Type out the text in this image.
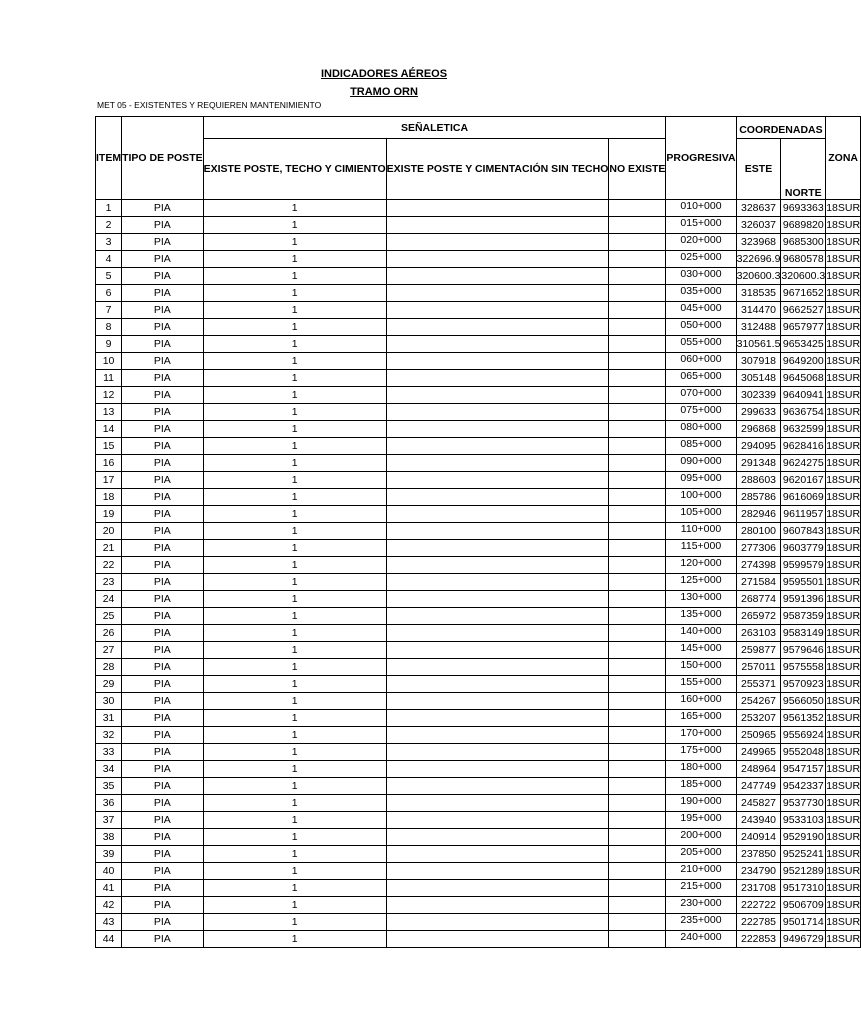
INDICADORES AÉREOS
TRAMO ORN
MET 05 - EXISTENTES Y REQUIEREN MANTENIMIENTO
ITEM	TIPO DE POSTE	SEÑALETICA			PROGRESIVA	COORDENADAS		ZONA
		EXISTE POSTE, TECHO Y CIMIENTO	EXISTE POSTE Y CIMENTACIÓN SIN TECHO	NO EXISTE		ESTE	NORTE	
1	PIA	1			010+000	328637	9693363	18SUR
2	PIA	1			015+000	326037	9689820	18SUR
3	PIA	1			020+000	323968	9685300	18SUR
4	PIA	1			025+000	322696.9	9680578	18SUR
5	PIA	1			030+000	320600.3	320600.3	18SUR
6	PIA	1			035+000	318535	9671652	18SUR
7	PIA	1			045+000	314470	9662527	18SUR
8	PIA	1			050+000	312488	9657977	18SUR
9	PIA	1			055+000	310561.5	9653425	18SUR
10	PIA	1			060+000	307918	9649200	18SUR
11	PIA	1			065+000	305148	9645068	18SUR
12	PIA	1			070+000	302339	9640941	18SUR
13	PIA	1			075+000	299633	9636754	18SUR
14	PIA	1			080+000	296868	9632599	18SUR
15	PIA	1			085+000	294095	9628416	18SUR
16	PIA	1			090+000	291348	9624275	18SUR
17	PIA	1			095+000	288603	9620167	18SUR
18	PIA	1			100+000	285786	9616069	18SUR
19	PIA	1			105+000	282946	9611957	18SUR
20	PIA	1			110+000	280100	9607843	18SUR
21	PIA	1			115+000	277306	9603779	18SUR
22	PIA	1			120+000	274398	9599579	18SUR
23	PIA	1			125+000	271584	9595501	18SUR
24	PIA	1			130+000	268774	9591396	18SUR
25	PIA	1			135+000	265972	9587359	18SUR
26	PIA	1			140+000	263103	9583149	18SUR
27	PIA	1			145+000	259877	9579646	18SUR
28	PIA	1			150+000	257011	9575558	18SUR
29	PIA	1			155+000	255371	9570923	18SUR
30	PIA	1			160+000	254267	9566050	18SUR
31	PIA	1			165+000	253207	9561352	18SUR
32	PIA	1			170+000	250965	9556924	18SUR
33	PIA	1			175+000	249965	9552048	18SUR
34	PIA	1			180+000	248964	9547157	18SUR
35	PIA	1			185+000	247749	9542337	18SUR
36	PIA	1			190+000	245827	9537730	18SUR
37	PIA	1			195+000	243940	9533103	18SUR
38	PIA	1			200+000	240914	9529190	18SUR
39	PIA	1			205+000	237850	9525241	18SUR
40	PIA	1			210+000	234790	9521289	18SUR
41	PIA	1			215+000	231708	9517310	18SUR
42	PIA	1			230+000	222722	9506709	18SUR
43	PIA	1			235+000	222785	9501714	18SUR
44	PIA	1			240+000	222853	9496729	18SUR
